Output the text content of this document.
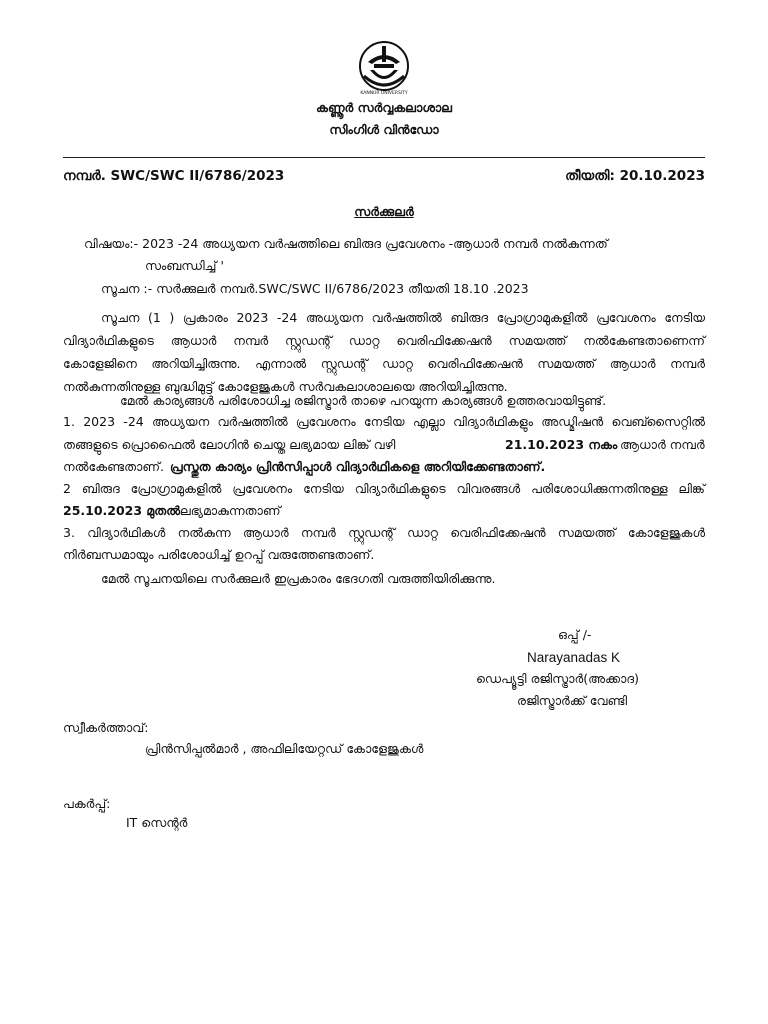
KANNUR UNIVERSITY
കണ്ണൂർ സർവ്വകലാശാല
സിംഗിൾ വിൻഡോ
നമ്പർ. SWC/SWC II/6786/2023	തീയതി: 20.10.2023
സർക്കുലർ
വിഷയം:- 2023 -24 അധ്യയന വർഷത്തിലെ ബിരുദ പ്രവേശനം -ആധാർ നമ്പർ നൽകുന്നത്
സംബന്ധിച്ച് '
സൂചന :- സർക്കുലർ നമ്പർ.SWC/SWC II/6786/2023 തീയതി 18.10 .2023
സൂചന (1 ) പ്രകാരം 2023 -24 അധ്യയന വർഷത്തിൽ ബിരുദ പ്രോഗ്രാമുകളിൽ പ്രവേശനം നേടിയ
വിദ്യാർഥികളുടെ ആധാർ നമ്പർ സ്റ്റുഡന്റ് ഡാറ്റ വെരിഫിക്കേഷൻ സമയത്ത് നൽകേണ്ടതാണെന്ന്
കോളേജിനെ അറിയിച്ചിരുന്നു. എന്നാൽ സ്റ്റുഡന്റ് ഡാറ്റ വെരിഫിക്കേഷൻ സമയത്ത് ആധാർ നമ്പർ
നൽകുന്നതിനുള്ള ബുദ്ധിമുട്ട് കോളേജുകൾ സർവകലാശാലയെ അറിയിച്ചിരുന്നു.
മേൽ കാര്യങ്ങൾ പരിശോധിച്ച രജിസ്ട്രാർ താഴെ പറയുന്ന കാര്യങ്ങൾ ഉത്തരവായിട്ടുണ്ട്.
1. 2023 -24 അധ്യയന വർഷത്തിൽ പ്രവേശനം നേടിയ എല്ലാ വിദ്യാർഥികളും അഡ്മിഷൻ വെബ്സൈറ്റിൽ
തങ്ങളുടെ പ്രൊഫൈൽ ലോഗിൻ ചെയ്ത ലഭ്യമായ ലിങ്ക് വഴി	21.10.2023 നകം ആധാർ നമ്പർ
നൽകേണ്ടതാണ്. പ്രസ്തുത കാര്യം പ്രിൻസിപ്പാൾ വിദ്യാർഥികളെ അറിയിക്കേണ്ടതാണ്.
2 ബിരുദ പ്രോഗ്രാമുകളിൽ പ്രവേശനം നേടിയ വിദ്യാർഥികളുടെ വിവരങ്ങൾ പരിശോധിക്കുന്നതിനുള്ള ലിങ്ക്
25.10.2023 മുതൽ ലഭ്യമാകുന്നതാണ്
3. വിദ്യാർഥികൾ നൽകുന്ന ആധാർ നമ്പർ സ്റ്റുഡന്റ് ഡാറ്റ വെരിഫിക്കേഷൻ സമയത്ത് കോളേജുകൾ
നിർബന്ധമായും പരിശോധിച്ച് ഉറപ്പ് വരുത്തേണ്ടതാണ്.
മേൽ സൂചനയിലെ സർക്കുലർ ഇപ്രകാരം ഭേദഗതി വരുത്തിയിരിക്കുന്നു.
ഒപ്പ് /-
Narayanadas K
ഡെപ്യൂട്ടി രജിസ്ട്രാർ(അക്കാദ)
രജിസ്ട്രാർക്ക് വേണ്ടി
സ്വീകർത്താവ്:
പ്രിൻസിപ്പൽമാർ , അഫിലിയേറ്റഡ് കോളേജുകൾ
പകർപ്പ്:
IT സെന്റർ
